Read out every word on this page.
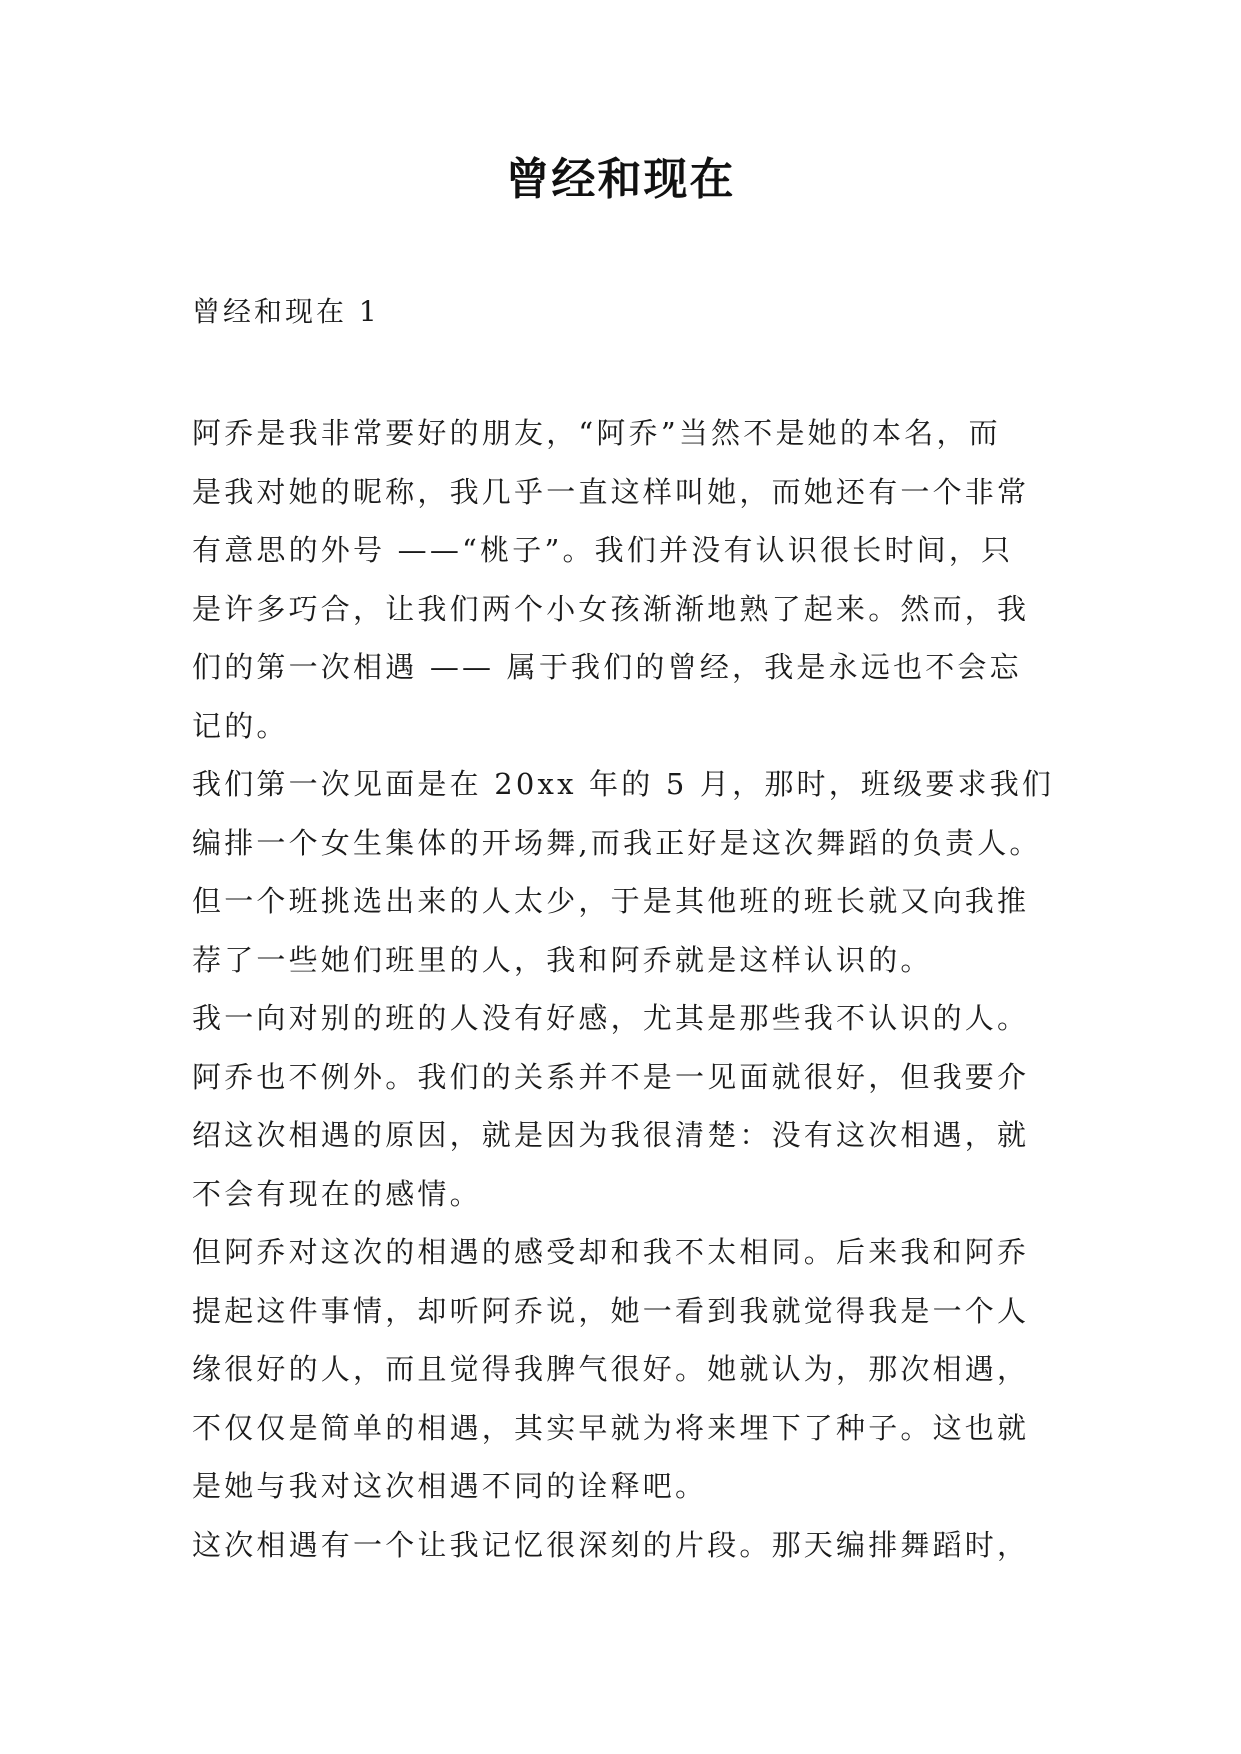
曾经和现在
曾经和现在 1
阿乔是我非常要好的朋友，“阿乔”当然不是她的本名，而
是我对她的昵称，我几乎一直这样叫她，而她还有一个非常
有意思的外号 ——“桃子”。我们并没有认识很长时间，只
是许多巧合，让我们两个小女孩渐渐地熟了起来。然而，我
们的第一次相遇 —— 属于我们的曾经，我是永远也不会忘
记的。
我们第一次见面是在 20xx 年的 5 月，那时，班级要求我们
编排一个女生集体的开场舞,而我正好是这次舞蹈的负责人。
但一个班挑选出来的人太少，于是其他班的班长就又向我推
荐了一些她们班里的人，我和阿乔就是这样认识的。
我一向对别的班的人没有好感，尤其是那些我不认识的人。
阿乔也不例外。我们的关系并不是一见面就很好，但我要介
绍这次相遇的原因，就是因为我很清楚：没有这次相遇，就
不会有现在的感情。
但阿乔对这次的相遇的感受却和我不太相同。后来我和阿乔
提起这件事情，却听阿乔说，她一看到我就觉得我是一个人
缘很好的人，而且觉得我脾气很好。她就认为，那次相遇，
不仅仅是简单的相遇，其实早就为将来埋下了种子。这也就
是她与我对这次相遇不同的诠释吧。
这次相遇有一个让我记忆很深刻的片段。那天编排舞蹈时，
